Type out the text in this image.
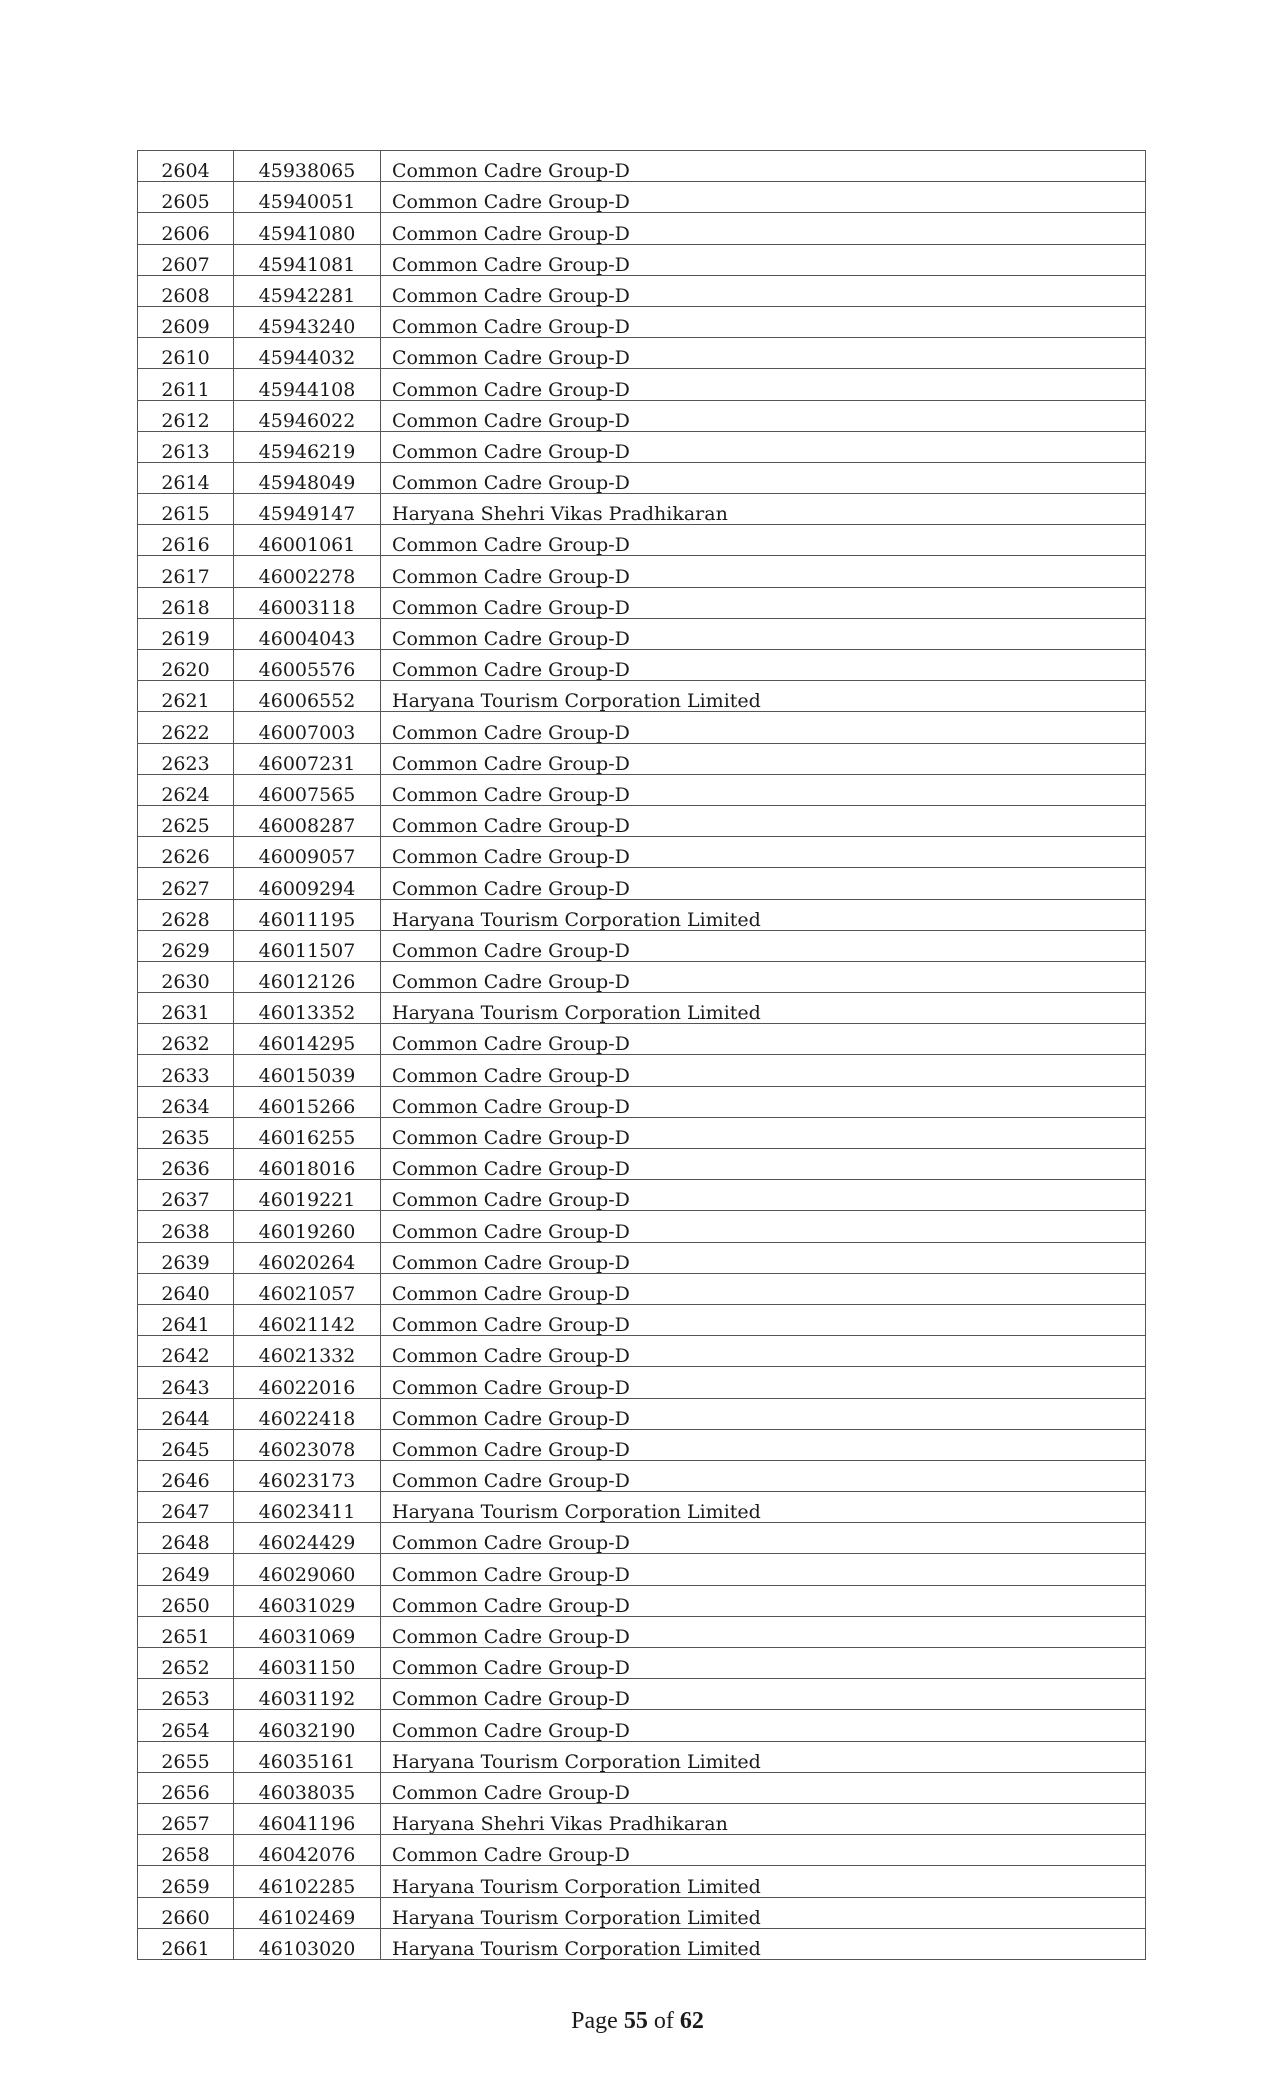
2604	45938065	Common Cadre Group-D
2605	45940051	Common Cadre Group-D
2606	45941080	Common Cadre Group-D
2607	45941081	Common Cadre Group-D
2608	45942281	Common Cadre Group-D
2609	45943240	Common Cadre Group-D
2610	45944032	Common Cadre Group-D
2611	45944108	Common Cadre Group-D
2612	45946022	Common Cadre Group-D
2613	45946219	Common Cadre Group-D
2614	45948049	Common Cadre Group-D
2615	45949147	Haryana Shehri Vikas Pradhikaran
2616	46001061	Common Cadre Group-D
2617	46002278	Common Cadre Group-D
2618	46003118	Common Cadre Group-D
2619	46004043	Common Cadre Group-D
2620	46005576	Common Cadre Group-D
2621	46006552	Haryana Tourism Corporation Limited
2622	46007003	Common Cadre Group-D
2623	46007231	Common Cadre Group-D
2624	46007565	Common Cadre Group-D
2625	46008287	Common Cadre Group-D
2626	46009057	Common Cadre Group-D
2627	46009294	Common Cadre Group-D
2628	46011195	Haryana Tourism Corporation Limited
2629	46011507	Common Cadre Group-D
2630	46012126	Common Cadre Group-D
2631	46013352	Haryana Tourism Corporation Limited
2632	46014295	Common Cadre Group-D
2633	46015039	Common Cadre Group-D
2634	46015266	Common Cadre Group-D
2635	46016255	Common Cadre Group-D
2636	46018016	Common Cadre Group-D
2637	46019221	Common Cadre Group-D
2638	46019260	Common Cadre Group-D
2639	46020264	Common Cadre Group-D
2640	46021057	Common Cadre Group-D
2641	46021142	Common Cadre Group-D
2642	46021332	Common Cadre Group-D
2643	46022016	Common Cadre Group-D
2644	46022418	Common Cadre Group-D
2645	46023078	Common Cadre Group-D
2646	46023173	Common Cadre Group-D
2647	46023411	Haryana Tourism Corporation Limited
2648	46024429	Common Cadre Group-D
2649	46029060	Common Cadre Group-D
2650	46031029	Common Cadre Group-D
2651	46031069	Common Cadre Group-D
2652	46031150	Common Cadre Group-D
2653	46031192	Common Cadre Group-D
2654	46032190	Common Cadre Group-D
2655	46035161	Haryana Tourism Corporation Limited
2656	46038035	Common Cadre Group-D
2657	46041196	Haryana Shehri Vikas Pradhikaran
2658	46042076	Common Cadre Group-D
2659	46102285	Haryana Tourism Corporation Limited
2660	46102469	Haryana Tourism Corporation Limited
2661	46103020	Haryana Tourism Corporation Limited
Page 55 of 62
